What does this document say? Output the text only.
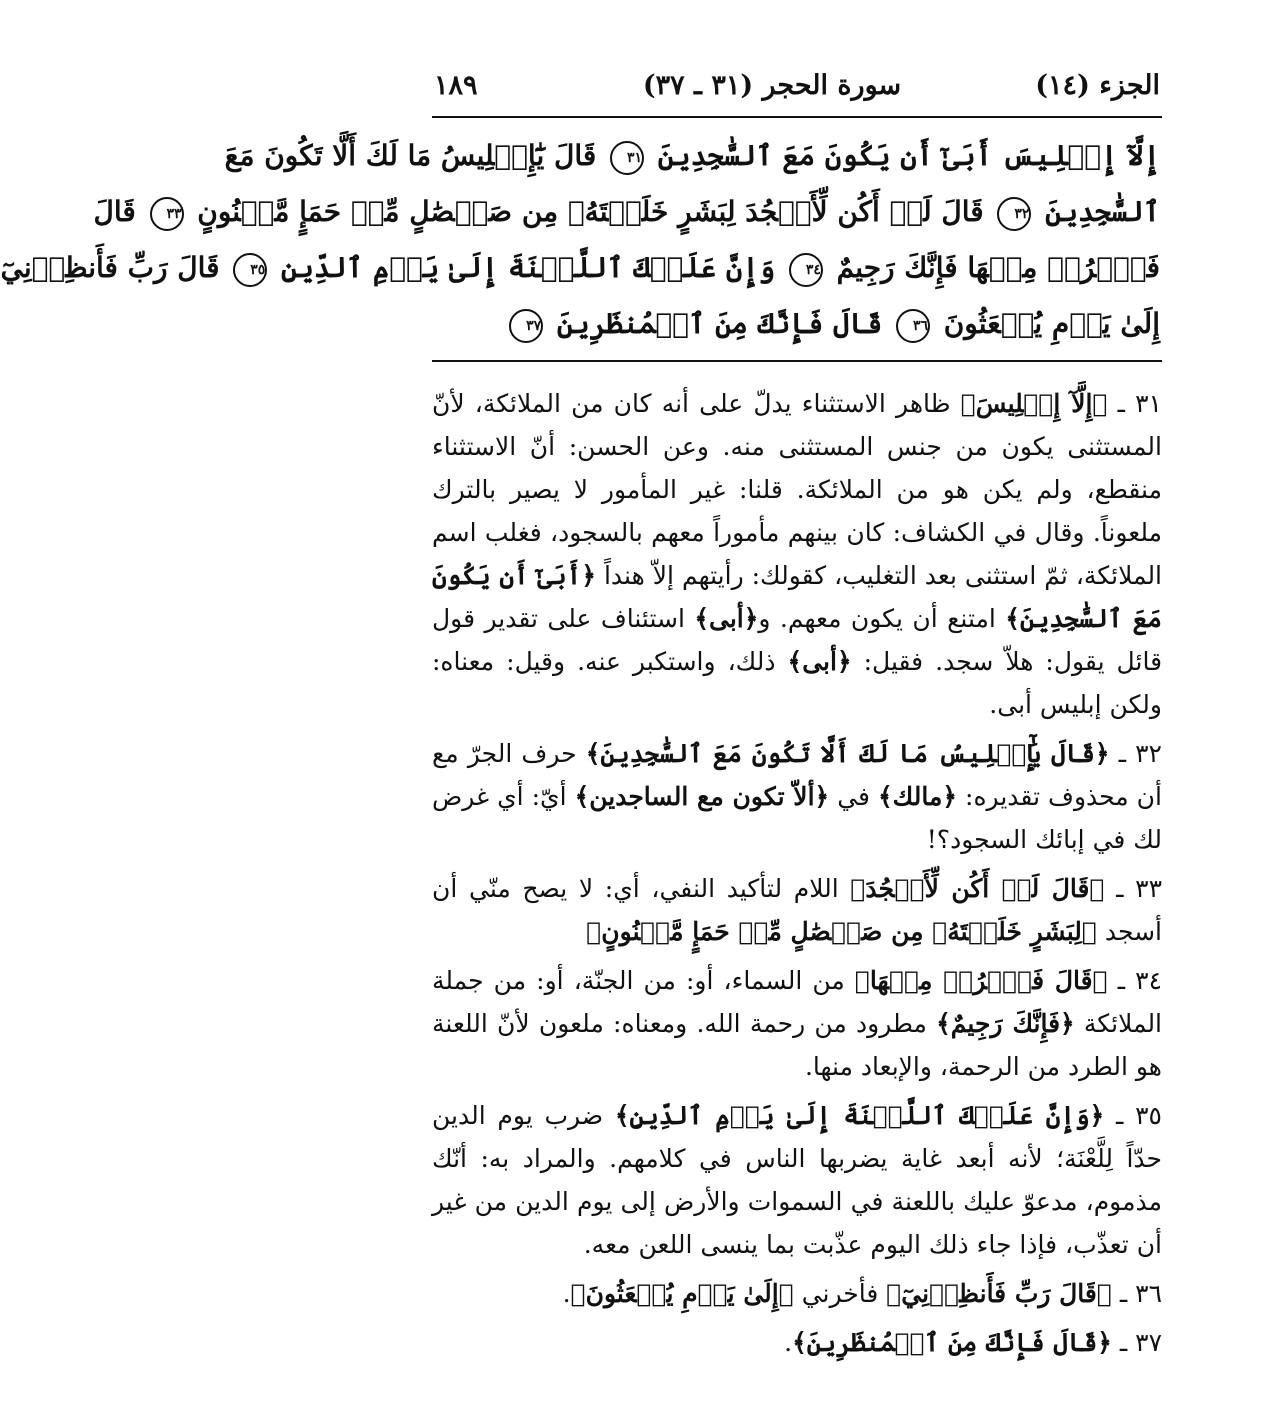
الجزء (١٤)
سورة الحجر (٣١ ـ ٣٧)
١٨٩
إِلَّآ إِبۡلِيسَ أَبَىٰٓ أَن يَكُونَ مَعَ ٱلسَّٰجِدِينَ ٣١ قَالَ يَٰٓإِبۡلِيسُ مَا لَكَ أَلَّا تَكُونَ مَعَ
ٱلسَّٰجِدِينَ ٣٢ قَالَ لَمۡ أَكُن لِّأَسۡجُدَ لِبَشَرٍ خَلَقۡتَهُۥ مِن صَلۡصَٰلٍ مِّنۡ حَمَإٍ مَّسۡنُونٍ ٣٣ قَالَ
فَٱخۡرُجۡ مِنۡهَا فَإِنَّكَ رَجِيمٌ ٣٤ وَإِنَّ عَلَيۡكَ ٱللَّعۡنَةَ إِلَىٰ يَوۡمِ ٱلدِّينِ ٣٥ قَالَ رَبِّ فَأَنظِرۡنِيٓ
إِلَىٰ يَوۡمِ يُبۡعَثُونَ ٣٦ قَالَ فَإِنَّكَ مِنَ ٱلۡمُنظَرِينَ ٣٧

٣١ ـ ﴿إِلَّآ إِبۡلِيسَ﴾ ظاهر الاستثناء يدلّ على أنه كان من الملائكة، لأنّ المستثنى يكون من جنس المستثنى منه. وعن الحسن: أنّ الاستثناء منقطع، ولم يكن هو من الملائكة. قلنا: غير المأمور لا يصير بالترك ملعوناً. وقال في الكشاف: كان بينهم مأموراً معهم بالسجود، فغلب اسم الملائكة، ثمّ استثنى بعد التغليب، كقولك: رأيتهم إلاّ هنداً ﴿أَبَىٰٓ أَن يَكُونَ مَعَ ٱلسَّٰجِدِينَ﴾ امتنع أن يكون معهم. و﴿أبى﴾ استئناف على تقدير قول قائل يقول: هلاّ سجد. فقيل: ﴿أبى﴾ ذلك، واستكبر عنه. وقيل: معناه: ولكن إبليس أبى.

٣٢ ـ ﴿قَالَ يَٰٓإِبۡلِيسُ مَا لَكَ أَلَّا تَكُونَ مَعَ ٱلسَّٰجِدِينَ﴾ حرف الجرّ مع أن محذوف تقديره: ﴿مالك﴾ في ﴿ألاّ تكون مع الساجدين﴾ أيّ: أي غرض لك في إبائك السجود؟!

٣٣ ـ ﴿قَالَ لَمۡ أَكُن لِّأَسۡجُدَ﴾ اللام لتأكيد النفي، أي: لا يصح منّي أن أسجد ﴿لِبَشَرٍ خَلَقۡتَهُۥ مِن صَلۡصَٰلٍ مِّنۡ حَمَإٍ مَّسۡنُونٍ﴾

٣٤ ـ ﴿قَالَ فَٱخۡرُجۡ مِنۡهَا﴾ من السماء، أو: من الجنّة، أو: من جملة الملائكة ﴿فَإِنَّكَ رَجِيمٌ﴾ مطرود من رحمة الله. ومعناه: ملعون لأنّ اللعنة هو الطرد من الرحمة، والإبعاد منها.

٣٥ ـ ﴿وَإِنَّ عَلَيۡكَ ٱللَّعۡنَةَ إِلَىٰ يَوۡمِ ٱلدِّينِ﴾ ضرب يوم الدين حدّاً لِلَّعْنَة؛ لأنه أبعد غاية يضربها الناس في كلامهم. والمراد به: أنّك مذموم، مدعوّ عليك باللعنة في السموات والأرض إلى يوم الدين من غير أن تعذّب، فإذا جاء ذلك اليوم عذّبت بما ينسى اللعن معه.

٣٦ ـ ﴿قَالَ رَبِّ فَأَنظِرۡنِيٓ﴾ فأخرني ﴿إِلَىٰ يَوۡمِ يُبۡعَثُونَ﴾.

٣٧ ـ ﴿قَالَ فَإِنَّكَ مِنَ ٱلۡمُنظَرِينَ﴾.
